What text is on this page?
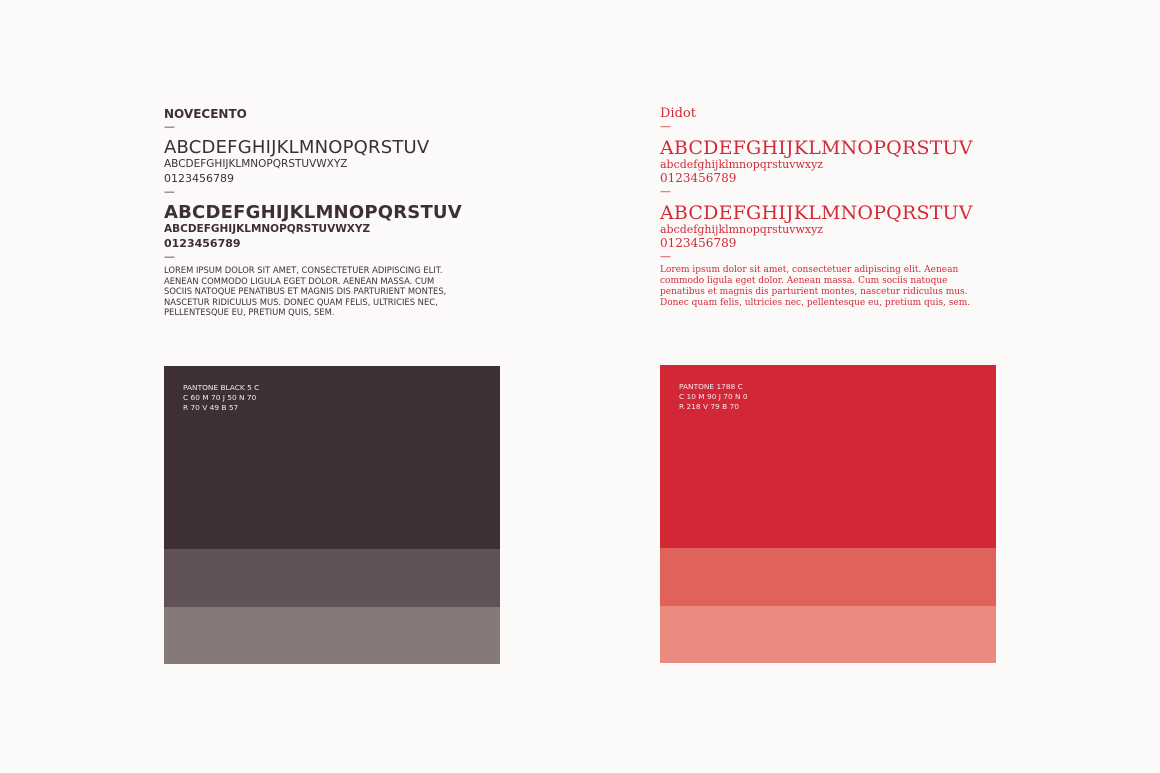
NOVECENTO

—

ABCDEFGHIJKLMNOPQRSTUV

ABCDEFGHIJKLMNOPQRSTUVWXYZ

0123456789

—

ABCDEFGHIJKLMNOPQRSTUV

ABCDEFGHIJKLMNOPQRSTUVWXYZ

0123456789

—

LOREM IPSUM DOLOR SIT AMET, CONSECTETUER ADIPISCING ELIT. AENEAN COMMODO LIGULA EGET DOLOR. AENEAN MASSA. CUM SOCIIS NATOQUE PENATIBUS ET MAGNIS DIS PARTURIENT MONTES, NASCETUR RIDICULUS MUS. DONEC QUAM FELIS, ULTRICIES NEC, PELLENTESQUE EU, PRETIUM QUIS, SEM.

Didot

—

ABCDEFGHIJKLMNOPQRSTUV

abcdefghijklmnopqrstuvwxyz

0123456789

—

ABCDEFGHIJKLMNOPQRSTUV

abcdefghijklmnopqrstuvwxyz

0123456789

—

Lorem ipsum dolor sit amet, consectetuer adipiscing elit. Aenean commodo ligula eget dolor. Aenean massa. Cum sociis natoque penatibus et magnis dis parturient montes, nascetur ridiculus mus. Donec quam felis, ultricies nec, pellentesque eu, pretium quis, sem.

PANTONE BLACK 5 C
C 60 M 70 J 50 N 70
R 70 V 49 B 57
PANTONE 1788 C
C 10 M 90 J 70 N 0
R 218 V 79 B 70
